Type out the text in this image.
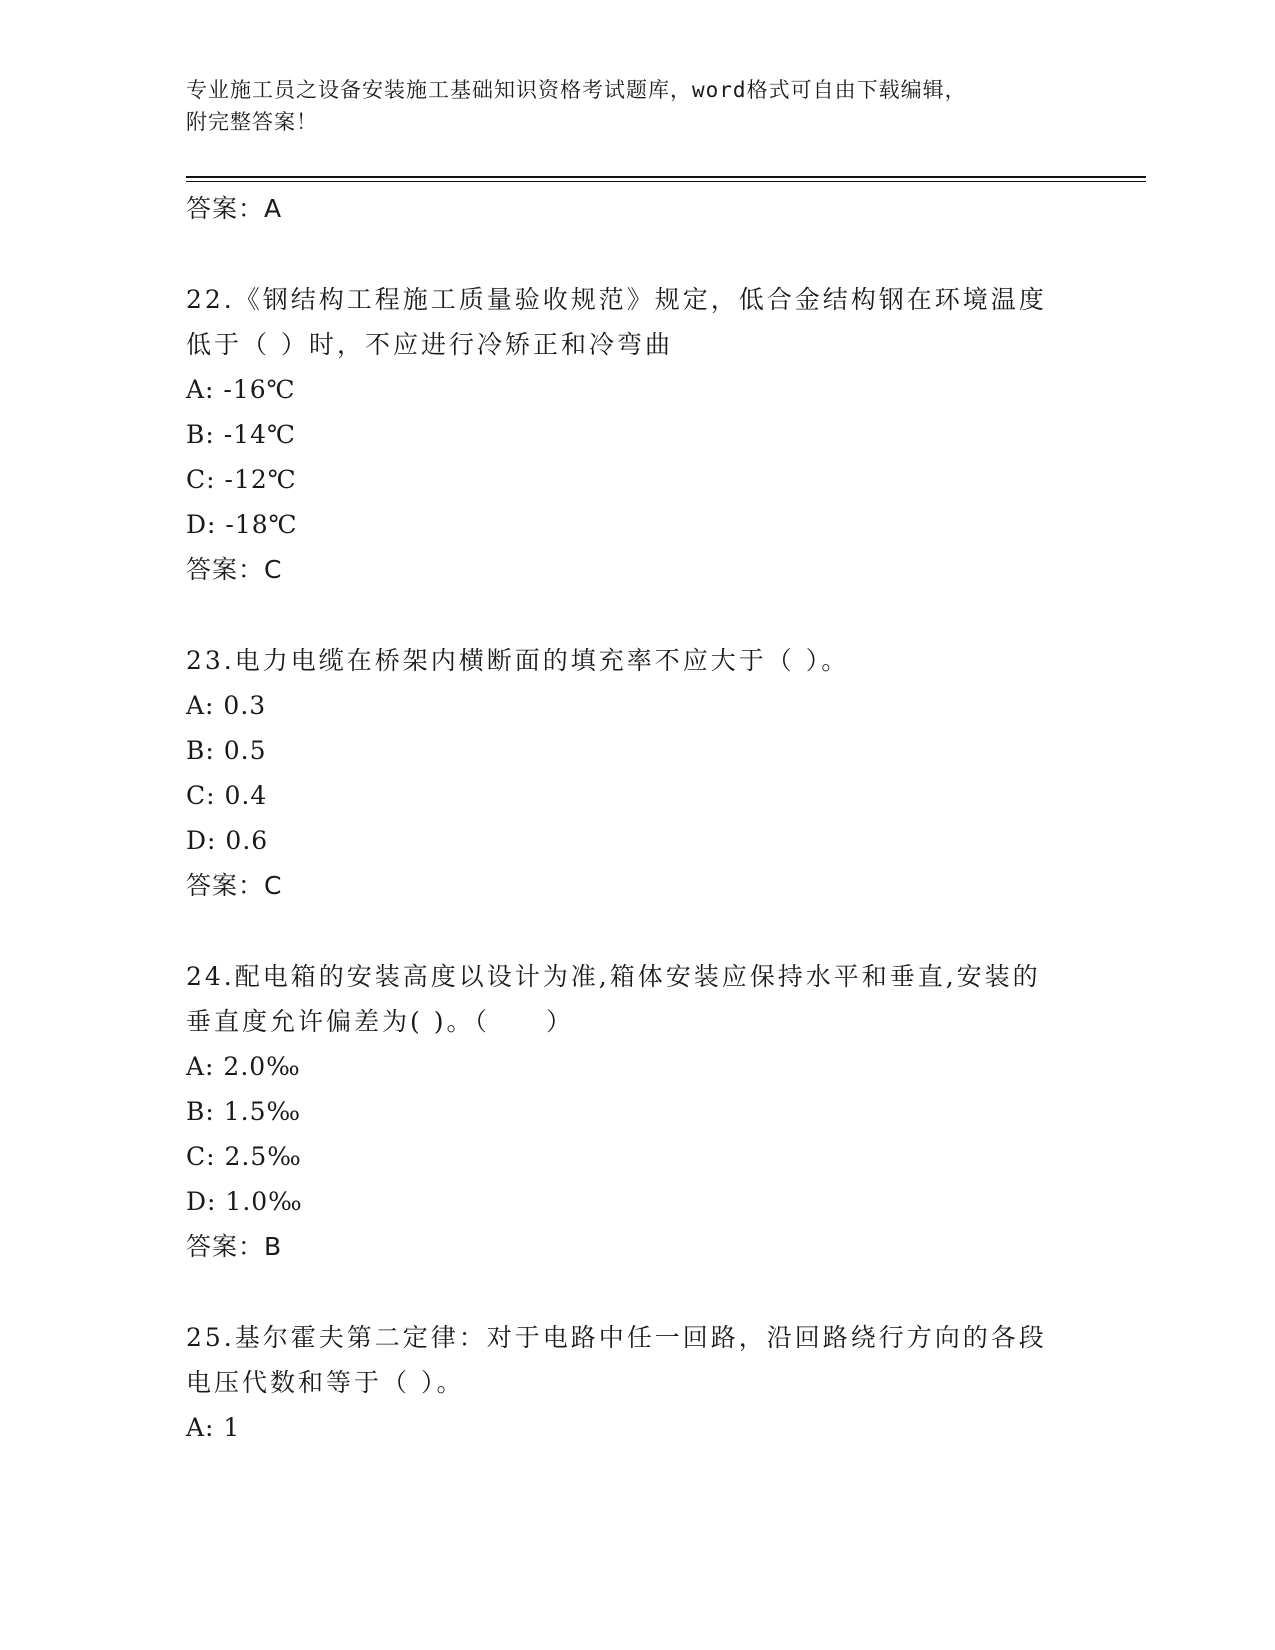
专业施工员之设备安装施工基础知识资格考试题库，word格式可自由下载编辑，
附完整答案！
答案：A
22.《钢结构工程施工质量验收规范》规定，低合金结构钢在环境温度
低于（ ）时，不应进行冷矫正和冷弯曲
A: -16℃
B: -14℃
C: -12℃
D: -18℃
答案：C
23.电力电缆在桥架内横断面的填充率不应大于（ ）。
A: 0.3
B: 0.5
C: 0.4
D: 0.6
答案：C
24.配电箱的安装高度以设计为准,箱体安装应保持水平和垂直,安装的
垂直度允许偏差为( )。（　　）
A: 2.0‰
B: 1.5‰
C: 2.5‰
D: 1.0‰
答案：B
25.基尔霍夫第二定律：对于电路中任一回路，沿回路绕行方向的各段
电压代数和等于（ ）。
A: 1
